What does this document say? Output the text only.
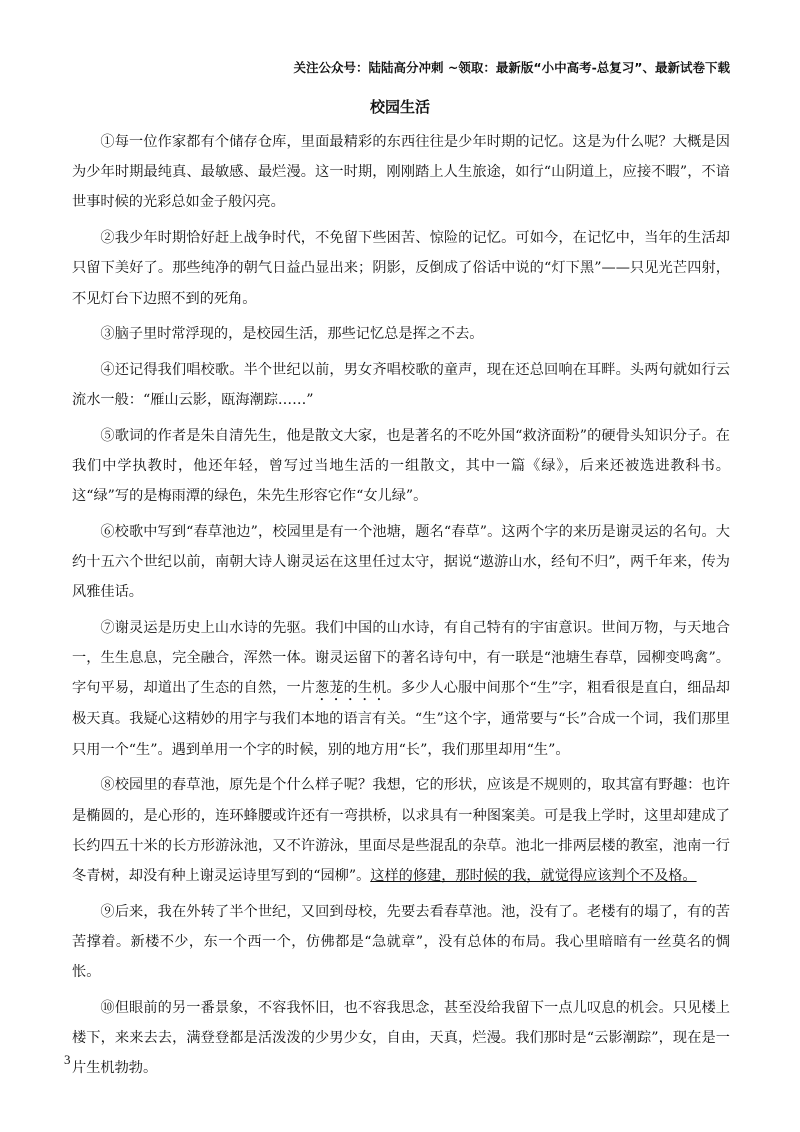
关注公众号：陆陆高分冲刺 ~领取：最新版“小中高考-总复习”、最新试卷下载
校园生活

①每一位作家都有个储存仓库，里面最精彩的东西往往是少年时期的记忆。这是为什么呢？大概是因为少年时期最纯真、最敏感、最烂漫。这一时期，刚刚踏上人生旅途，如行“山阴道上，应接不暇”，不谙世事时候的光彩总如金子般闪亮。

②我少年时期恰好赶上战争时代，不免留下些困苦、惊险的记忆。可如今，在记忆中，当年的生活却只留下美好了。那些纯净的朝气日益凸显出来；阴影，反倒成了俗话中说的“灯下黑”——只见光芒四射，不见灯台下边照不到的死角。

③脑子里时常浮现的，是校园生活，那些记忆总是挥之不去。

④还记得我们唱校歌。半个世纪以前，男女齐唱校歌的童声，现在还总回响在耳畔。头两句就如行云流水一般：“雁山云影，瓯海潮踪……”

⑤歌词的作者是朱自清先生，他是散文大家，也是著名的不吃外国“救济面粉”的硬骨头知识分子。在我们中学执教时，他还年轻，曾写过当地生活的一组散文，其中一篇《绿》，后来还被选进教科书。这“绿”写的是梅雨潭的绿色，朱先生形容它作“女儿绿”。

⑥校歌中写到“春草池边”，校园里是有一个池塘，题名“春草”。这两个字的来历是谢灵运的名句。大约十五六个世纪以前，南朝大诗人谢灵运在这里任过太守，据说“遨游山水，经旬不归”，两千年来，传为风雅佳话。

⑦谢灵运是历史上山水诗的先驱。我们中国的山水诗，有自己特有的宇宙意识。世间万物，与天地合一，生生息息，完全融合，浑然一体。谢灵运留下的著名诗句中，有一联是“池塘生春草，园柳变鸣禽”。字句平易，却道出了生态的自然，一片葱茏的生机。多少人心服中间那个“生”字，粗看很是直白，细品却极天真。我疑心这精妙的用字与我们本地的语言有关。“生”这个字，通常要与“长”合成一个词，我们那里只用一个“生”。遇到单用一个字的时候，别的地方用“长”，我们那里却用“生”。

⑧校园里的春草池，原先是个什么样子呢？我想，它的形状，应该是不规则的，取其富有野趣：也许是椭圆的，是心形的，连环蜂腰或许还有一弯拱桥，以求具有一种图案美。可是我上学时，这里却建成了长约四五十米的长方形游泳池，又不许游泳，里面尽是些混乱的杂草。池北一排两层楼的教室，池南一行冬青树，却没有种上谢灵运诗里写到的“园柳”。这样的修建，那时候的我，就觉得应该判个不及格。

⑨后来，我在外转了半个世纪，又回到母校，先要去看春草池。池，没有了。老楼有的塌了，有的苦苦撑着。新楼不少，东一个西一个，仿佛都是“急就章”，没有总体的布局。我心里暗暗有一丝莫名的惆怅。

⑩但眼前的另一番景象，不容我怀旧，也不容我思念，甚至没给我留下一点儿叹息的机会。只见楼上楼下，来来去去，满登登都是活泼泼的少男少女，自由，天真，烂漫。我们那时是“云影潮踪”，现在是一片生机勃勃。

3
